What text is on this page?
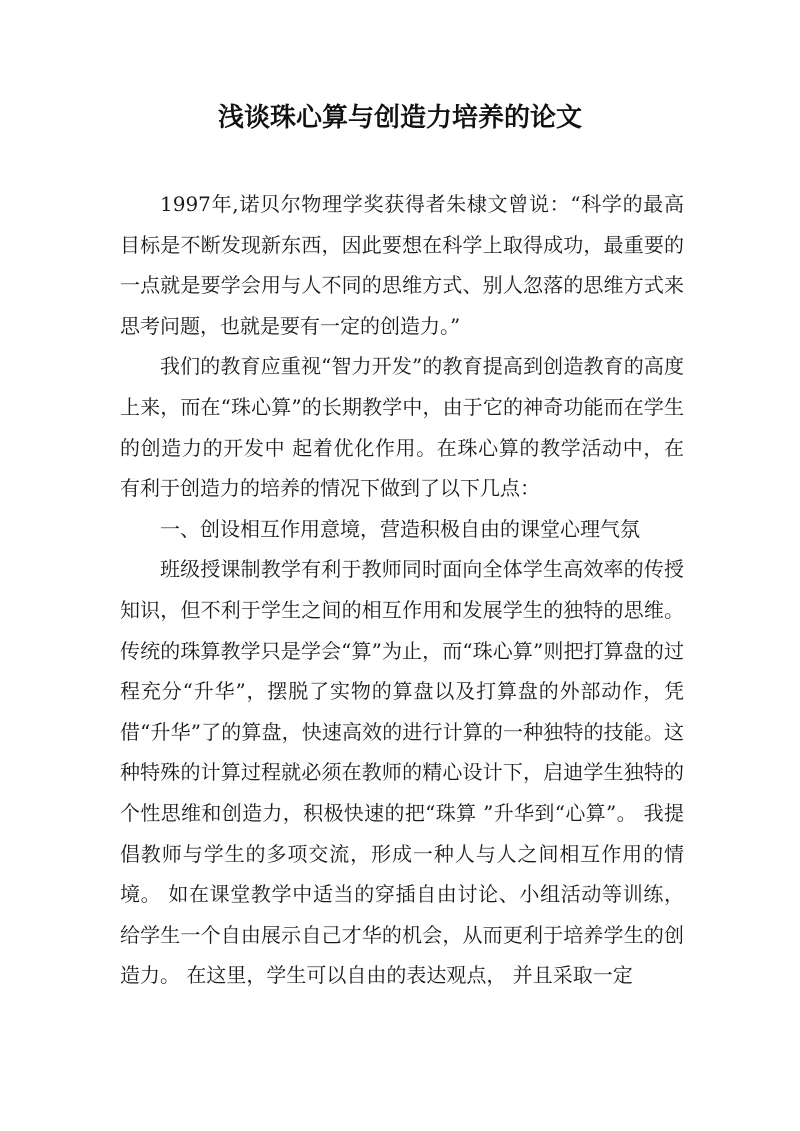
浅谈珠心算与创造力培养的论文

1997年,诺贝尔物理学奖获得者朱棣文曾说：“科学的最高目标是不断发现新东西，因此要想在科学上取得成功，最重要的一点就是要学会用与人不同的思维方式、别人忽落的思维方式来思考问题，也就是要有一定的创造力。”

我们的教育应重视“智力开发”的教育提高到创造教育的高度上来，而在“珠心算”的长期教学中，由于它的神奇功能而在学生的创造力的开发中 起着优化作用。在珠心算的教学活动中，在有利于创造力的培养的情况下做到了以下几点：

一、创设相互作用意境，营造积极自由的课堂心理气氛

班级授课制教学有利于教师同时面向全体学生高效率的传授知识，但不利于学生之间的相互作用和发展学生的独特的思维。传统的珠算教学只是学会“算”为止，而“珠心算”则把打算盘的过程充分“升华”，摆脱了实物的算盘以及打算盘的外部动作，凭借“升华”了的算盘，快速高效的进行计算的一种独特的技能。这种特殊的计算过程就必须在教师的精心设计下，启迪学生独特的个性思维和创造力，积极快速的把“珠算 ”升华到“心算”。 我提倡教师与学生的多项交流，形成一种人与人之间相互作用的情境。 如在课堂教学中适当的穿插自由讨论、小组活动等训练， 给学生一个自由展示自己才华的机会，从而更利于培养学生的创造力。 在这里，学生可以自由的表达观点， 并且采取一定
